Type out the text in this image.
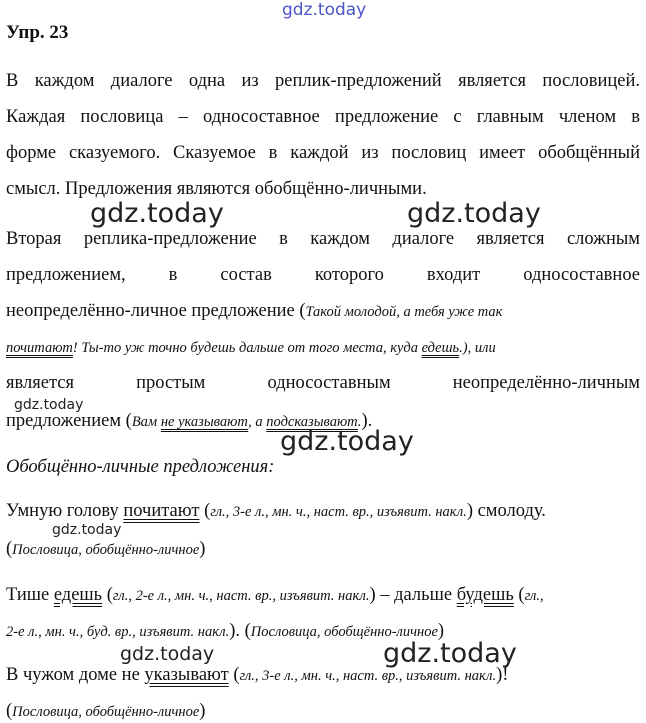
gdz.today
Упр. 23
В каждом диалоге одна из реплик-предложений является пословицей.
Каждая пословица – односоставное предложение с главным членом в
форме сказуемого. Сказуемое в каждой из пословиц имеет обобщённый
смысл. Предложения являются обобщённо-личными.
gdz.today	gdz.today
Вторая реплика-предложение в каждом диалоге является сложным
предложением, в состав которого входит односоставное
неопределённо-личное предложение (Такой молодой, а тебя уже так
почитают! Ты-то уж точно будешь дальше от того места, куда едешь.), или
является простым односоставным неопределённо-личным
gdz.today
предложением (Вам не указывают, а подсказывают.).
gdz.today
Обобщённо-личные предложения:
Умную голову почитают (гл., 3-е л., мн. ч., наст. вр., изъявит. накл.) смолоду.
gdz.today
(Пословица, обобщённо-личное)
Тише едешь (гл., 2-е л., мн. ч., наст. вр., изъявит. накл.) – дальше будешь (гл.,
2-е л., мн. ч., буд. вр., изъявит. накл.). (Пословица, обобщённо-личное)
gdz.today	gdz.today
В чужом доме не указывают (гл., 3-е л., мн. ч., наст. вр., изъявит. накл.)!
(Пословица, обобщённо-личное)
